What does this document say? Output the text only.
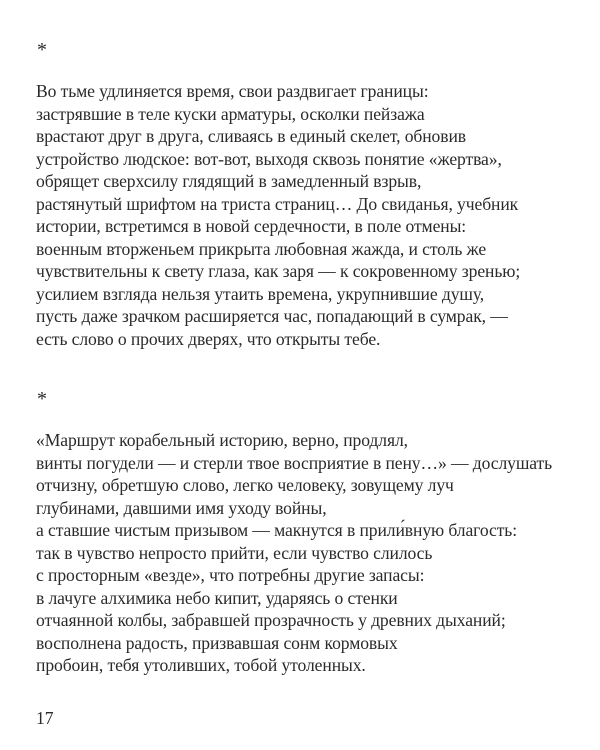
*
Во тьме удлиняется время, свои раздвигает границы:
застрявшие в теле куски арматуры, осколки пейзажа
врастают друг в друга, сливаясь в единый скелет, обновив
устройство людское: вот-вот, выходя сквозь понятие «жертва»,
обрящет сверхсилу глядящий в замедленный взрыв,
растянутый шрифтом на триста страниц… До свиданья, учебник
истории, встретимся в новой сердечности, в поле отмены:
военным вторженьем прикрыта любовная жажда, и столь же
чувствительны к свету глаза, как заря — к сокровенному зренью;
усилием взгляда нельзя утаить времена, укрупнившие душу,
пусть даже зрачком расширяется час, попадающий в сумрак, —
есть слово о прочих дверях, что открыты тебе.
*
«Маршрут корабельный историю, верно, продлял,
винты погудели — и стерли твое восприятие в пену…» — дослушать
отчизну, обретшую слово, легко человеку, зовущему луч
глубинами, давшими имя уходу войны,
а ставшие чистым призывом — макнутся в прили́вную благость:
так в чувство непросто прийти, если чувство слилось
с просторным «везде», что потребны другие запасы:
в лачуге алхимика небо кипит, ударяясь о стенки
отчаянной колбы, забравшей прозрачность у древних дыханий;
восполнена радость, призвавшая сонм кормовых
пробоин, тебя утоливших, тобой утоленных.
17
